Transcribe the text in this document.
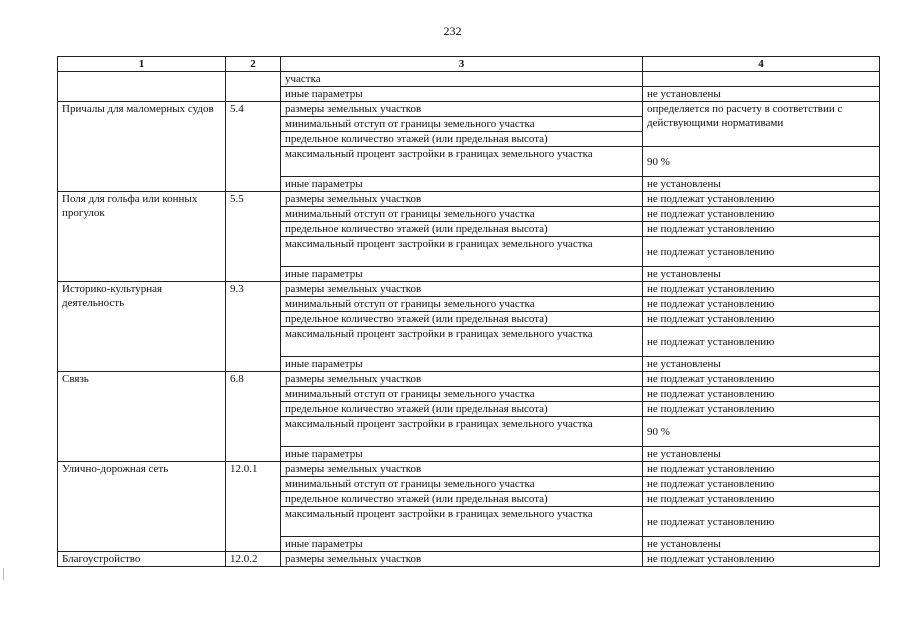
232
1	2	3	4
		участка	
		иные параметры	не установлены
Причалы для маломерных судов	5.4	размеры земельных участков	определяется по расчету в соответствии с действующими нормативами
		минимальный отступ от границы земельного участка	
		предельное количество этажей (или предельная высота)	
		максимальный процент застройки в границах земельного участка	90 %
		иные параметры	не установлены
Поля для гольфа или конных прогулок	5.5	размеры земельных участков	не подлежат установлению
		минимальный отступ от границы земельного участка	не подлежат установлению
		предельное количество этажей (или предельная высота)	не подлежат установлению
		максимальный процент застройки в границах земельного участка	не подлежат установлению
		иные параметры	не установлены
Историко-культурная деятельность	9.3	размеры земельных участков	не подлежат установлению
		минимальный отступ от границы земельного участка	не подлежат установлению
		предельное количество этажей (или предельная высота)	не подлежат установлению
		максимальный процент застройки в границах земельного участка	не подлежат установлению
		иные параметры	не установлены
Связь	6.8	размеры земельных участков	не подлежат установлению
		минимальный отступ от границы земельного участка	не подлежат установлению
		предельное количество этажей (или предельная высота)	не подлежат установлению
		максимальный процент застройки в границах земельного участка	90 %
		иные параметры	не установлены
Улично-дорожная сеть	12.0.1	размеры земельных участков	не подлежат установлению
		минимальный отступ от границы земельного участка	не подлежат установлению
		предельное количество этажей (или предельная высота)	не подлежат установлению
		максимальный процент застройки в границах земельного участка	не подлежат установлению
		иные параметры	не установлены
Благоустройство	12.0.2	размеры земельных участков	не подлежат установлению
